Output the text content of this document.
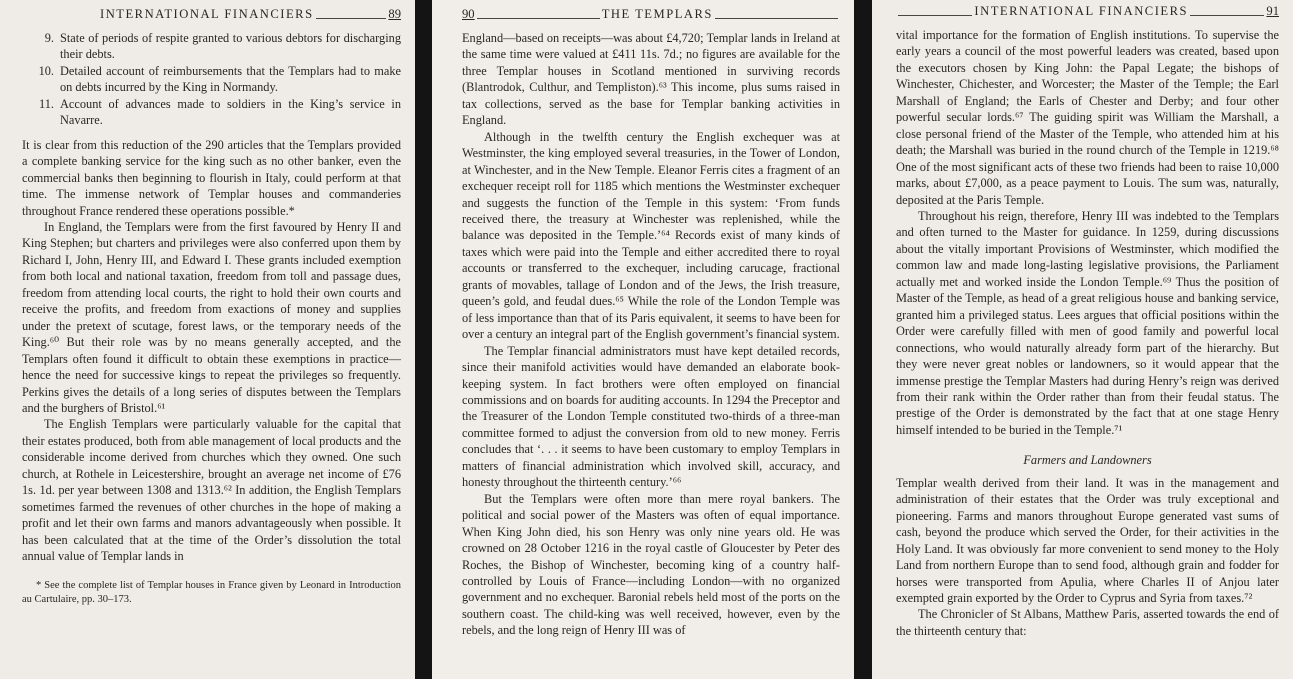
INTERNATIONAL FINANCIERS	89
9. State of periods of respite granted to various debtors for discharging their debts.
10. Detailed account of reimbursements that the Templars had to make on debts incurred by the King in Normandy.
11. Account of advances made to soldiers in the King’s service in Navarre.

It is clear from this reduction of the 290 articles that the Templars provided a complete banking service for the king such as no other banker, even the commercial banks then beginning to flourish in Italy, could perform at that time. The immense network of Templar houses and commanderies throughout France rendered these operations possible.*

In England, the Templars were from the first favoured by Henry II and King Stephen; but charters and privileges were also conferred upon them by Richard I, John, Henry III, and Edward I. These grants included exemption from both local and national taxation, freedom from toll and passage dues, freedom from attending local courts, the right to hold their own courts and receive the profits, and freedom from exactions of money and supplies under the pretext of scutage, forest laws, or the temporary needs of the King.⁶⁰ But their role was by no means generally accepted, and the Templars often found it difficult to obtain these exemptions in practice—hence the need for successive kings to repeat the privileges so frequently. Perkins gives the details of a long series of disputes between the Templars and the burghers of Bristol.⁶¹

The English Templars were particularly valuable for the capital that their estates produced, both from able management of local products and the considerable income derived from churches which they owned. One such church, at Rothele in Leicestershire, brought an average net income of £76 1s. 1d. per year between 1308 and 1313.⁶² In addition, the English Templars sometimes farmed the revenues of other churches in the hope of making a profit and let their own farms and manors advantageously when possible. It has been calculated that at the time of the Order’s dissolution the total annual value of Templar lands in

* See the complete list of Templar houses in France given by Leonard in Introduction au Cartulaire, pp. 30–173.

90	THE TEMPLARS

England—based on receipts—was about £4,720; Templar lands in Ireland at the same time were valued at £411 11s. 7d.; no figures are available for the three Templar houses in Scotland mentioned in surviving records (Blantrodok, Culthur, and Templiston).⁶³ This income, plus sums raised in tax collections, served as the base for Templar banking activities in England.

Although in the twelfth century the English exchequer was at Westminster, the king employed several treasuries, in the Tower of London, at Winchester, and in the New Temple. Eleanor Ferris cites a fragment of an exchequer receipt roll for 1185 which mentions the Westminster exchequer and suggests the function of the Temple in this system: ‘From funds received there, the treasury at Winchester was replenished, while the balance was deposited in the Temple.’⁶⁴ Records exist of many kinds of taxes which were paid into the Temple and either accredited there to royal accounts or transferred to the exchequer, including carucage, fractional grants of movables, tallage of London and of the Jews, the Irish treasure, queen’s gold, and feudal dues.⁶⁵ While the role of the London Temple was of less importance than that of its Paris equivalent, it seems to have been for over a century an integral part of the English government’s financial system.

The Templar financial administrators must have kept detailed records, since their manifold activities would have demanded an elaborate book-keeping system. In fact brothers were often employed on financial commissions and on boards for auditing accounts. In 1294 the Preceptor and the Treasurer of the London Temple constituted two-thirds of a three-man committee formed to adjust the conversion from old to new money. Ferris concludes that ‘. . . it seems to have been customary to employ Templars in matters of financial administration which involved skill, accuracy, and honesty throughout the thirteenth century.’⁶⁶

But the Templars were often more than mere royal bankers. The political and social power of the Masters was often of equal importance. When King John died, his son Henry was only nine years old. He was crowned on 28 October 1216 in the royal castle of Gloucester by Peter des Roches, the Bishop of Winchester, becoming king of a country half-controlled by Louis of France—including London—with no organized government and no exchequer. Baronial rebels held most of the ports on the southern coast. The child-king was well received, however, even by the rebels, and the long reign of Henry III was of

INTERNATIONAL FINANCIERS	91

vital importance for the formation of English institutions. To supervise the early years a council of the most powerful leaders was created, based upon the executors chosen by King John: the Papal Legate; the bishops of Winchester, Chichester, and Worcester; the Master of the Temple; the Earl Marshall of England; the Earls of Chester and Derby; and four other powerful secular lords.⁶⁷ The guiding spirit was William the Marshall, a close personal friend of the Master of the Temple, who attended him at his death; the Marshall was buried in the round church of the Temple in 1219.⁶⁸ One of the most significant acts of these two friends had been to raise 10,000 marks, about £7,000, as a peace payment to Louis. The sum was, naturally, deposited at the Paris Temple.

Throughout his reign, therefore, Henry III was indebted to the Templars and often turned to the Master for guidance. In 1259, during discussions about the vitally important Provisions of Westminster, which modified the common law and made long-lasting legislative provisions, the Parliament actually met and worked inside the London Temple.⁶⁹ Thus the position of Master of the Temple, as head of a great religious house and banking service, granted him a privileged status. Lees argues that official positions within the Order were carefully filled with men of good family and powerful local connections, who would naturally already form part of the hierarchy. But they were never great nobles or landowners, so it would appear that the immense prestige the Templar Masters had during Henry’s reign was derived from their rank within the Order rather than from their feudal status. The prestige of the Order is demonstrated by the fact that at one stage Henry himself intended to be buried in the Temple.⁷¹

Farmers and Landowners

Templar wealth derived from their land. It was in the management and administration of their estates that the Order was truly exceptional and pioneering. Farms and manors throughout Europe generated vast sums of cash, beyond the produce which served the Order, for their activities in the Holy Land. It was obviously far more convenient to send money to the Holy Land from northern Europe than to send food, although grain and fodder for horses were transported from Apulia, where Charles II of Anjou later exempted grain exported by the Order to Cyprus and Syria from taxes.⁷²

The Chronicler of St Albans, Matthew Paris, asserted towards the end of the thirteenth century that:
